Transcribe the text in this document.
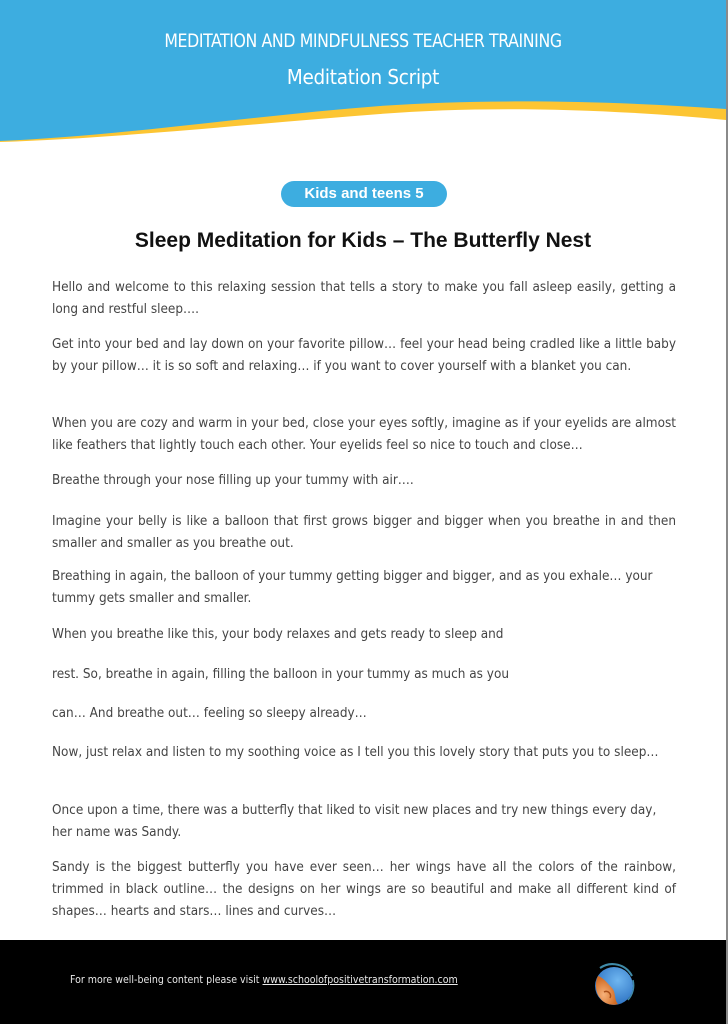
MEDITATION AND MINDFULNESS TEACHER TRAINING
Meditation Script
Kids and teens 5
Sleep Meditation for Kids – The Butterfly Nest

Hello and welcome to this relaxing session that tells a story to make you fall asleep easily, getting a long and restful sleep….

Get into your bed and lay down on your favorite pillow… feel your head being cradled like a little baby by your pillow… it is so soft and relaxing… if you want to cover yourself with a blanket you can.

When you are cozy and warm in your bed, close your eyes softly, imagine as if your eyelids are almost like feathers that lightly touch each other. Your eyelids feel so nice to touch and close…

Breathe through your nose filling up your tummy with air….

Imagine your belly is like a balloon that first grows bigger and bigger when you breathe in and then smaller and smaller as you breathe out.

Breathing in again, the balloon of your tummy getting bigger and bigger, and as you exhale… your tummy gets smaller and smaller.

When you breathe like this, your body relaxes and gets ready to sleep and

rest. So, breathe in again, filling the balloon in your tummy as much as you

can… And breathe out… feeling so sleepy already…

Now, just relax and listen to my soothing voice as I tell you this lovely story that puts you to sleep…

Once upon a time, there was a butterfly that liked to visit new places and try new things every day, her name was Sandy.

Sandy is the biggest butterfly you have ever seen… her wings have all the colors of the rainbow, trimmed in black outline… the designs on her wings are so beautiful and make all different kind of shapes… hearts and stars… lines and curves…

For more well-being content please visit www.schoolofpositivetransformation.com
